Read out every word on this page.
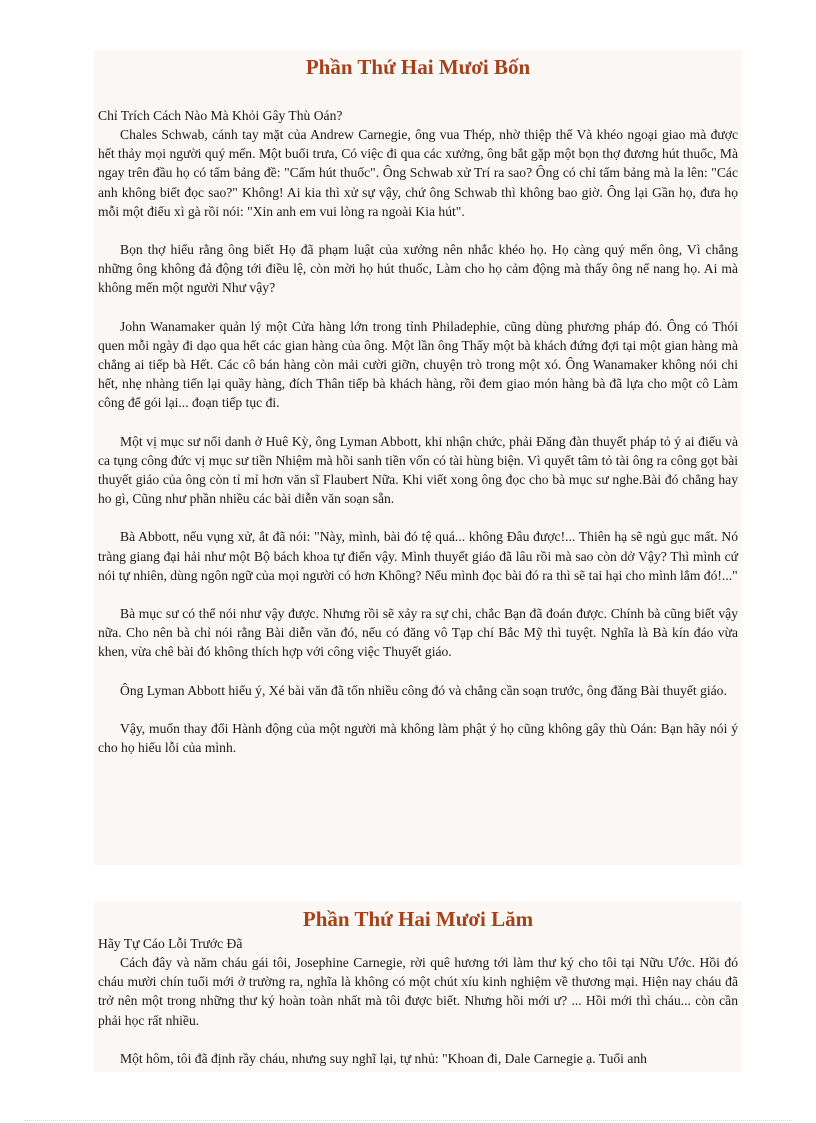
Phần Thứ Hai Mươi Bốn
Chỉ Trích Cách Nào Mà Khỏi Gây Thù Oán?

Chales Schwab, cánh tay mặt của Andrew Carnegie, ông vua Thép, nhờ thiệp thế Và khéo ngoại giao mà được hết thảy mọi người quý mến. Một buổi trưa, Có việc đi qua các xưởng, ông bắt gặp một bọn thợ đương hút thuốc, Mà ngay trên đầu họ có tấm bảng đề: "Cấm hút thuốc". Ông Schwab xử Trí ra sao? Ông có chỉ tấm bảng mà la lên: "Các anh không biết đọc sao?" Không! Ai kia thì xử sự vậy, chứ ông Schwab thì không bao giờ. Ông lại Gần họ, đưa họ mỗi một điếu xì gà rồi nói: "Xin anh em vui lòng ra ngoài Kia hút".

Bọn thợ hiểu rằng ông biết Họ đã phạm luật của xưởng nên nhắc khéo họ. Họ càng quý mến ông, Vì chẳng những ông không đả động tới điều lệ, còn mời họ hút thuốc, Làm cho họ cảm động mà thấy ông nể nang họ. Ai mà không mến một người Như vậy?

John Wanamaker quản lý một Cửa hàng lớn trong tỉnh Philadephie, cũng dùng phương pháp đó. Ông có Thói quen mỗi ngày đi dạo qua hết các gian hàng của ông. Một lần ông Thấy một bà khách đứng đợi tại một gian hàng mà chẳng ai tiếp bà Hết. Các cô bán hàng còn mải cười giỡn, chuyện trò trong một xó. Ông Wanamaker không nói chi hết, nhẹ nhàng tiến lại quầy hàng, đích Thân tiếp bà khách hàng, rồi đem giao món hàng bà đã lựa cho một cô Làm công để gói lại... đoạn tiếp tục đi.

Một vị mục sư nổi danh ở Huê Kỳ, ông Lyman Abbott, khi nhận chức, phải Đăng đàn thuyết pháp tỏ ý ai điếu và ca tụng công đức vị mục sư tiền Nhiệm mà hồi sanh tiền vốn có tài hùng biện. Vì quyết tâm tỏ tài ông ra công gọt bài thuyết giáo của ông còn tỉ mỉ hơn văn sĩ Flaubert Nữa. Khi viết xong ông đọc cho bà mục sư nghe.Bài đó chẳng hay ho gì, Cũng như phần nhiều các bài diễn văn soạn sẵn.

Bà Abbott, nếu vụng xử, ắt đã nói: "Này, mình, bài đó tệ quá... không Đâu được!... Thiên hạ sẽ ngủ gục mất. Nó tràng giang đại hải như một Bộ bách khoa tự điển vậy. Mình thuyết giáo đã lâu rồi mà sao còn dở Vậy? Thì mình cứ nói tự nhiên, dùng ngôn ngữ của mọi người có hơn Không? Nếu mình đọc bài đó ra thì sẽ tai hại cho mình lắm đó!..."

Bà mục sư có thể nói như vậy được. Nhưng rồi sẽ xảy ra sự chi, chắc Bạn đã đoán được. Chính bà cũng biết vậy nữa. Cho nên bà chỉ nói rằng Bài diễn văn đó, nếu có đăng vô Tạp chí Bắc Mỹ thì tuyệt. Nghĩa là Bà kín đáo vừa khen, vừa chê bài đó không thích hợp với công việc Thuyết giáo.

Ông Lyman Abbott hiểu ý, Xé bài văn đã tốn nhiều công đó và chẳng cần soạn trước, ông đăng Bài thuyết giáo.

Vậy, muốn thay đổi Hành động của một người mà không làm phật ý họ cũng không gây thù Oán: Bạn hãy nói ý cho họ hiểu lỗi của mình.

Phần Thứ Hai Mươi Lăm
Hãy Tự Cáo Lỗi Trước Đã

Cách đây và năm cháu gái tôi, Josephine Carnegie, rời quê hương tới làm thư ký cho tôi tại Nữu Ước. Hồi đó cháu mười chín tuổi mới ở trường ra, nghĩa là không có một chút xíu kinh nghiệm về thương mại. Hiện nay cháu đã trở nên một trong những thư ký hoàn toàn nhất mà tôi được biết. Nhưng hồi mới ư? ... Hồi mới thì cháu... còn cần phải học rất nhiều.

Một hôm, tôi đã định rầy cháu, nhưng suy nghĩ lại, tự nhủ: "Khoan đi, Dale Carnegie ạ. Tuổi anh
